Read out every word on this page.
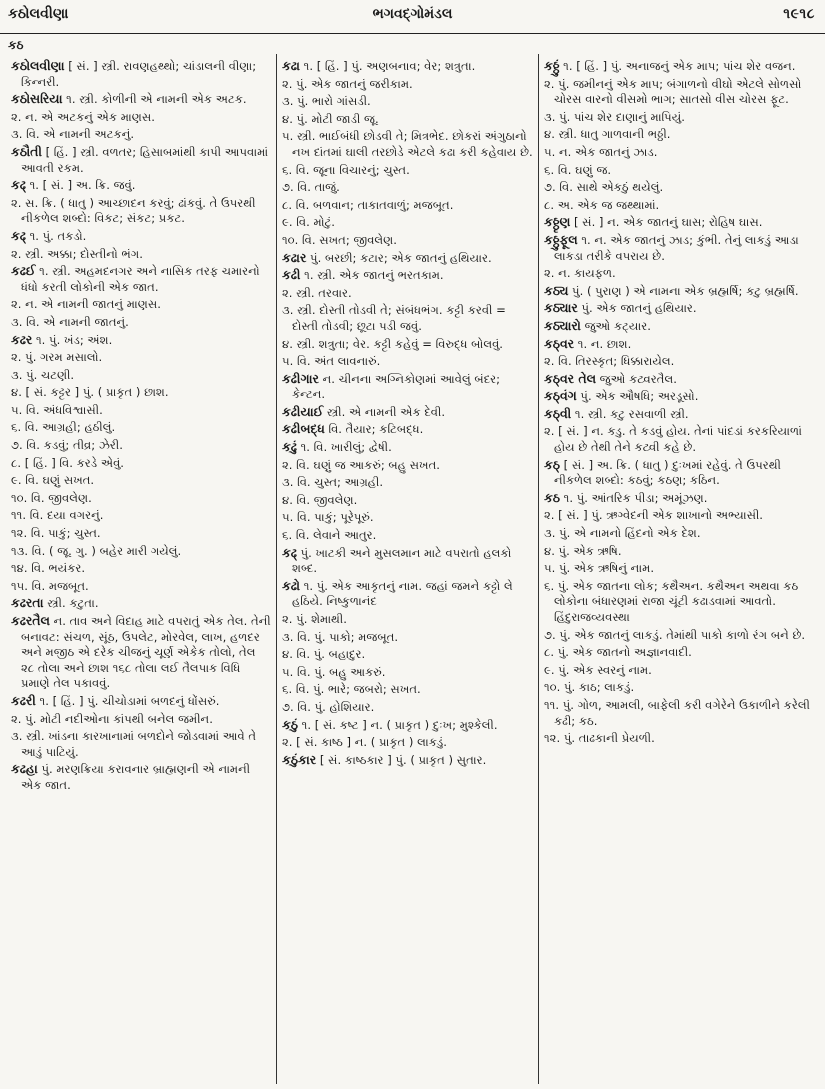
કઠોલવીણા	ભગવદ્ગોમંડલ	૧૯૧૮
કઠ
કઠોલવીણા [ સં. ] સ્ત્રી. રાવણહથ્થો; ચાંડાલની વીણા; કિન્નરી.
કઠોસરિયા ૧. સ્ત્રી. કોળીની એ નામની એક અટક.
૨. ન. એ અટકનું એક માણસ.
૩. વિ. એ નામની અટકનું.
કઠૌતી [ હિં. ] સ્ત્રી. વળતર; હિસાબમાંથી કાપી આપવામાં આવતી રકમ.
કઢ્ ૧. [ સં. ] અ. ક્રિ. જવું.
૨. સ. ક્રિ. ( ધાતુ ) આચ્છાદન કરવું; ઢાંકવું. તે ઉપરથી નીકળેલ શબ્દો: વિકટ; સંકટ; પ્રકટ.
કઢ્ ૧. પું. તકડો.
૨. સ્ત્રી. અક્કા; દોસ્તીનો ભંગ.
કઢઈ ૧. સ્ત્રી. અહમદનગર અને નાસિક તરફ ચમારનો ધંધો કરતી લોકોની એક જાત.
૨. ન. એ નામની જાતનું માણસ.
૩. વિ. એ નામની જાતનું.
કઢર ૧. પું. ખંડ; અંશ.
૨. પું. ગરમ મસાલો.
૩. પું. ચટણી.
૪. [ સં. કટ્ટર ] પું. ( પ્રાકૃત ) છાશ.
૫. વિ. અંધવિશ્વાસી.
૬. વિ. આગ્રહી; હઠીલું.
૭. વિ. કડવું; તીવ્ર; ઝેરી.
૮. [ હિં. ] વિ. કરડે એવું.
૯. વિ. ઘણું સખત.
૧૦. વિ. જીવલેણ.
૧૧. વિ. દયા વગરનું.
૧૨. વિ. પાકું; ચુસ્ત.
૧૩. વિ. ( જૂ. ગુ. ) બહેર મારી ગયેલું.
૧૪. વિ. ભયંકર.
૧૫. વિ. મજબૂત.
કઢરતા સ્ત્રી. કટુતા.
કઢરતૈલ ન. તાવ અને વિદાહ માટે વપરાતું એક તેલ. તેની બનાવટ: સંચળ, સૂંઠ, ઉપલેટ, મોરવેલ, લાખ, હળદર અને મજીઠ એ દરેક ચીજનું ચૂર્ણ એકેક તોલો, તેલ ૨૮ તોલા અને છાશ ૧૬૮ તોલા લઈ તૈલપાક વિધિ પ્રમાણે તેલ પકાવવું.
કઢરી ૧. [ હિં. ] પું. ચીચોડામાં બળદનું ધોંસરું.
૨. પું. મોટી નદીઓના કાંપથી બનેલ જમીન.
૩. સ્ત્રી. ખાંડના કારખાનામાં બળદોને જોડવામાં આવે તે આડું પાટિયું.
કઢહા પું. મરણક્રિયા કરાવનાર બ્રાહ્મણની એ નામની એક જાત.
કઢા ૧. [ હિં. ] પું. અણબનાવ; વેર; શત્રુતા.
૨. પું. એક જાતનું જરીકામ.
૩. પું. ભારો ગાંસડી.
૪. પું. મોટી જાડી જૂ.
૫. સ્ત્રી. ભાઈબંધી છોડવી તે; મિત્રભેદ. છોકરાં અંગુઠાનો નખ દાંતમાં ઘાલી તરછોડે એટલે કઢા કરી કહેવાય છે.
૬. વિ. જૂના વિચારનું; ચુસ્ત.
૭. વિ. તાજું.
૮. વિ. બળવાન; તાકાતવાળું; મજબૂત.
૯. વિ. મોટું.
૧૦. વિ. સખત; જીવલેણ.
કઢાર પું. બરછી; કટાર; એક જાતનું હથિયાર.
કઢી ૧. સ્ત્રી. એક જાતનું ભરતકામ.
૨. સ્ત્રી. તરવાર.
૩. સ્ત્રી. દોસ્તી તોડવી તે; સંબંધભંગ. કટ્ટી કરવી = દોસ્તી તોડવી; છૂટા પડી જવું.
૪. સ્ત્રી. શત્રુતા; વેર. કટ્ટી કહેવું = વિરુદ્ધ બોલવું.
૫. વિ. અંત લાવનારું.
કઢીગાર ન. ચીનના અગ્નિકોણમાં આવેલું બંદર; કેન્ટન.
કઢીયાઈ સ્ત્રી. એ નામની એક દેવી.
કઢીબદ્ધ વિ. તૈયાર; કટિબદ્ધ.
કઢું ૧. વિ. ખારીલું; દ્વેષી.
૨. વિ. ઘણું જ આકરું; બહુ સખત.
૩. વિ. ચુસ્ત; આગ્રહી.
૪. વિ. જીવલેણ.
૫. વિ. પાકું; પૂરેપૂરું.
૬. વિ. લેવાને આતુર.
કઢ્ પું. ખાટકી અને મુસલમાન માટે વપરાતો હલકો શબ્દ.
કઢો ૧. પું. એક આકૃતનું નામ. જહાં જમને કટ્ટો લે હઠિયે. નિષ્કુળાનંદ
૨. પું. શેમાથી.
૩. વિ. પું. પાકો; મજબૂત.
૪. વિ. પું. બહાદુર.
૫. વિ. પું. બહુ આકરું.
૬. વિ. પું. ભારે; જબરો; સખત.
૭. વિ. પું. હોશિયાર.
કઠું ૧. [ સં. કષ્ટ ] ન. ( પ્રાકૃત ) દુઃખ; મુશ્કેલી.
૨. [ સં. કાષ્ઠ ] ન. ( પ્રાકૃત ) લાકડું.
કઠુંકાર [ સં. કાષ્ઠકાર ] પું. ( પ્રાકૃત ) સુતાર.
કઠ્ઠું ૧. [ હિં. ] પું. અનાજનું એક માપ; પાંચ શેર વજન.
૨. પું. જમીનનું એક માપ; બંગાળનો વીઘો એટલે સોળસો ચોરસ વારનો વીસમો ભાગ; સાતસો વીસ ચોરસ ફૂટ.
૩. પું. પાંચ શેર દાણાનું માપિયું.
૪. સ્ત્રી. ધાતુ ગાળવાની ભઠ્ઠી.
૫. ન. એક જાતનું ઝાડ.
૬. વિ. ઘણું જ.
૭. વિ. સાથે એકઠું થયેલું.
૮. અ. એક જ જથ્થામાં.
કઠ્ઠૃણ [ સં. ] ન. એક જાતનું ઘાસ; રોહિષ ઘાસ.
કઠ્ઠુફૂલ ૧. ન. એક જાતનું ઝાડ; કુંભી. તેનું લાકડું આડા લાકડા તરીકે વપરાય છે.
૨. ન. કાયફળ.
કઠ્ય પું. ( પુરાણ ) એ નામના એક બ્રહ્મર્ષિ; કટુ બ્રહ્મર્ષિ.
કઠ્યાર પું. એક જાતનું હથિયાર.
કઠ્યારો જુઓ કટ્યાર.
કઠ્વર ૧. ન. છાશ.
૨. વિ. તિરસ્કૃત; ધિક્કારાયેલ.
કઠ્વર તેલ જુઓ કટ્વરતૈલ.
કઠ્વંગ પું. એક ઔષધિ; અરડૂસો.
કઠ્વી ૧. સ્ત્રી. કટુ રસવાળી સ્ત્રી.
૨. [ સં. ] ન. કડુ. તે કડવું હોય. તેનાં પાંદડાં કરકરિયાળાં હોય છે તેથી તેને કટ્વી કહે છે.
કઠ્ [ સં. ] અ. ક્રિ. ( ધાતુ ) દુઃખમાં રહેવું. તે ઉપરથી નીકળેલ શબ્દો: કઠવું; કઠણ; કઠિન.
કઠ ૧. પું. આંતરિક પીડા; અમૂંઝણ.
૨. [ સં. ] પું. ઋગ્વેદની એક શાખાનો અભ્યાસી.
૩. પું. એ નામનો હિંદનો એક દેશ.
૪. પું. એક ઋષિ.
૫. પું. એક ઋષિનું નામ.
૬. પું. એક જાતના લોક; કથૈઅન. કથૈઅન અથવા કઠ લોકોના બંધારણમાં રાજા ચૂંટી કઢાડવામાં આવતો. હિંદુરાજવ્યવસ્થા
૭. પું. એક જાતનું લાકડું. તેમાંથી પાકો કાળો રંગ બને છે.
૮. પું. એક જાતનો અજ્ઞાનવાદી.
૯. પું. એક સ્વરનું નામ.
૧૦. પું. કાઠ; લાકડું.
૧૧. પું. ગોળ, આમલી, બાફેલી કરી વગેરેને ઉકાળીને કરેલી કઢી; કઠ.
૧૨. પું. તાઢકાની પ્રેયળી.
